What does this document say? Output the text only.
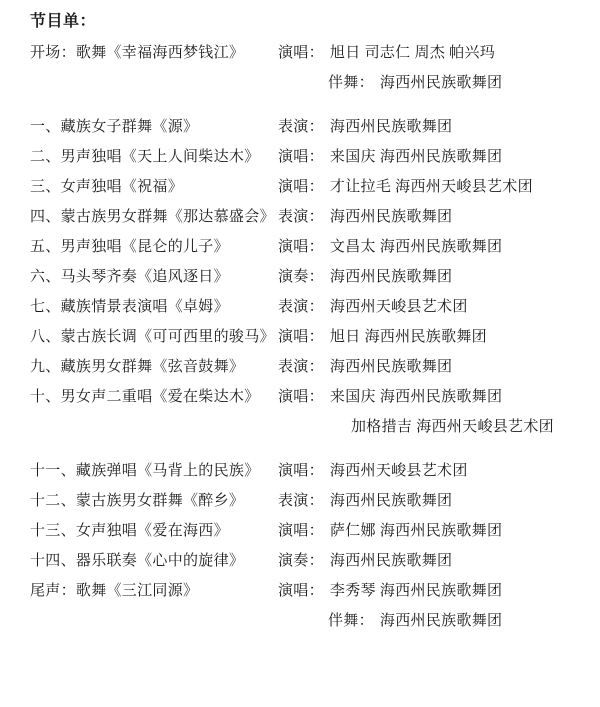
节目单：
开场：歌舞《幸福海西梦钱江》	演唱 ： 旭日 司志仁 周杰 帕兴玛
伴舞 ： 海西州民族歌舞团
一、藏族女子群舞《源》	表演 ： 海西州民族歌舞团
二、男声独唱《天上人间柴达木》	演唱 ： 来国庆 海西州民族歌舞团
三、女声独唱《祝福》	演唱 ： 才让拉毛 海西州天峻县艺术团
四、蒙古族男女群舞《那达慕盛会》 表演 ： 海西州民族歌舞团
五、男声独唱《昆仑的儿子》	演唱 ： 文昌太 海西州民族歌舞团
六、马头琴齐奏《追风逐日》	演奏 ： 海西州民族歌舞团
七、藏族情景表演唱《卓姆》	表演 ： 海西州天峻县艺术团
八、蒙古族长调《可可西里的骏马》 演唱 ： 旭日 海西州民族歌舞团
九、藏族男女群舞《弦音鼓舞》	表演 ： 海西州民族歌舞团
十、男女声二重唱《爱在柴达木》	演唱 ： 来国庆 海西州民族歌舞团
加格措吉 海西州天峻县艺术团
十一、藏族弹唱《马背上的民族》	演唱 ： 海西州天峻县艺术团
十二、蒙古族男女群舞《醉乡》	表演 ： 海西州民族歌舞团
十三、女声独唱《爱在海西》	演唱 ： 萨仁娜 海西州民族歌舞团
十四、器乐联奏《心中的旋律》	演奏 ： 海西州民族歌舞团
尾声：歌舞《三江同源》	演唱 ： 李秀琴 海西州民族歌舞团
伴舞 ： 海西州民族歌舞团
